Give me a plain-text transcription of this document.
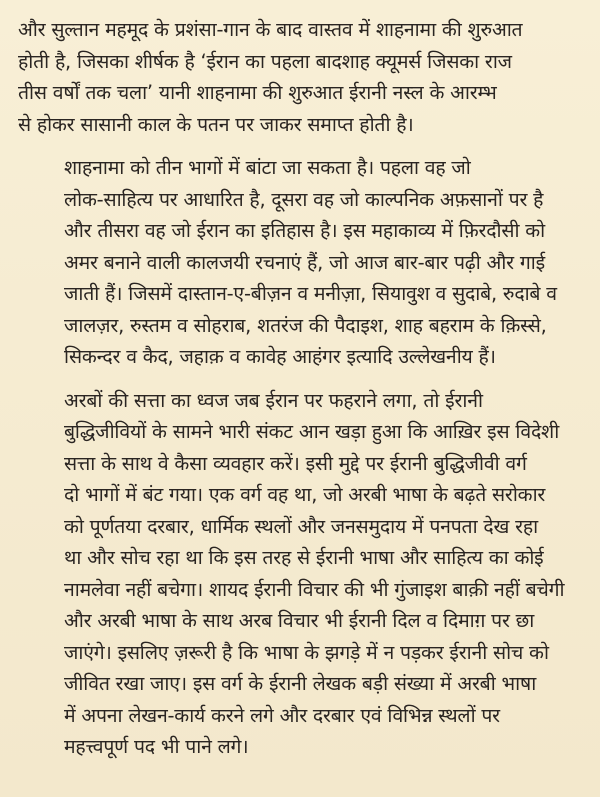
और सुल्तान महमूद के प्रशंसा-गान के बाद वास्तव में शाहनामा की शुरुआत
होती है, जिसका शीर्षक है ‘ईरान का पहला बादशाह क्यूमर्स जिसका राज
तीस वर्षों तक चला’ यानी शाहनामा की शुरुआत ईरानी नस्ल के आरम्भ
से होकर सासानी काल के पतन पर जाकर समाप्त होती है।

शाहनामा को तीन भागों में बांटा जा सकता है। पहला वह जो
लोक-साहित्य पर आधारित है, दूसरा वह जो काल्पनिक अफ़सानों पर है
और तीसरा वह जो ईरान का इतिहास है। इस महाकाव्य में फ़िरदौसी को
अमर बनाने वाली कालजयी रचनाएं हैं, जो आज बार-बार पढ़ी और गाई
जाती हैं। जिसमें दास्तान-ए-बीज़न व मनीज़ा, सियावुश व सुदाबे, रुदाबे व
जालज़र, रुस्तम व सोहराब, शतरंज की पैदाइश, शाह बहराम के क़िस्से,
सिकन्दर व कैद, जहाक़ व कावेह आहंगर इत्यादि उल्लेखनीय हैं।

अरबों की सत्ता का ध्वज जब ईरान पर फहराने लगा, तो ईरानी
बुद्धिजीवियों के सामने भारी संकट आन खड़ा हुआ कि आख़िर इस विदेशी
सत्ता के साथ वे कैसा व्यवहार करें। इसी मुद्दे पर ईरानी बुद्धिजीवी वर्ग
दो भागों में बंट गया। एक वर्ग वह था, जो अरबी भाषा के बढ़ते सरोकार
को पूर्णतया दरबार, धार्मिक स्थलों और जनसमुदाय में पनपता देख रहा
था और सोच रहा था कि इस तरह से ईरानी भाषा और साहित्य का कोई
नामलेवा नहीं बचेगा। शायद ईरानी विचार की भी गुंजाइश बाक़ी नहीं बचेगी
और अरबी भाषा के साथ अरब विचार भी ईरानी दिल व दिमाग़ पर छा
जाएंगे। इसलिए ज़रूरी है कि भाषा के झगड़े में न पड़कर ईरानी सोच को
जीवित रखा जाए। इस वर्ग के ईरानी लेखक बड़ी संख्या में अरबी भाषा
में अपना लेखन-कार्य करने लगे और दरबार एवं विभिन्न स्थलों पर
महत्त्वपूर्ण पद भी पाने लगे।
